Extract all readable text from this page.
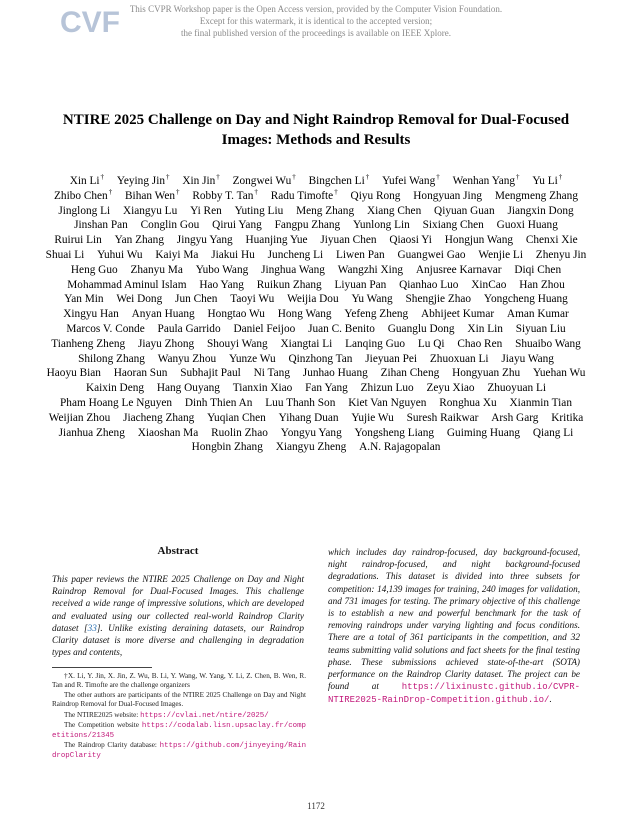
CVF	This CVPR Workshop paper is the Open Access version, provided by the Computer Vision Foundation.
Except for this watermark, it is identical to the accepted version;
the final published version of the proceedings is available on IEEE Xplore.
NTIRE 2025 Challenge on Day and Night Raindrop Removal for Dual-Focused
Images: Methods and Results
Xin Li† Yeying Jin† Xin Jin† Zongwei Wu† Bingchen Li† Yufei Wang† Wenhan Yang† Yu Li† Zhibo Chen† Bihan Wen† Robby T. Tan† Radu Timofte† Qiyu Rong Hongyuan Jing Mengmeng Zhang Jinglong Li Xiangyu Lu Yi Ren Yuting Liu Meng Zhang Xiang Chen Qiyuan Guan Jiangxin Dong Jinshan Pan Conglin Gou Qirui Yang Fangpu Zhang Yunlong Lin Sixiang Chen Guoxi Huang Ruirui Lin Yan Zhang Jingyu Yang Huanjing Yue Jiyuan Chen Qiaosi Yi Hongjun Wang Chenxi Xie Shuai Li Yuhui Wu Kaiyi Ma Jiakui Hu Juncheng Li Liwen Pan Guangwei Gao Wenjie Li Zhenyu Jin Heng Guo Zhanyu Ma Yubo Wang Jinghua Wang Wangzhi Xing Anjusree Karnavar Diqi Chen Mohammad Aminul Islam Hao Yang Ruikun Zhang Liyuan Pan Qianhao Luo XinCao Han Zhou Yan Min Wei Dong Jun Chen Taoyi Wu Weijia Dou Yu Wang Shengjie Zhao Yongcheng Huang Xingyu Han Anyan Huang Hongtao Wu Hong Wang Yefeng Zheng Abhijeet Kumar Aman Kumar Marcos V. Conde Paula Garrido Daniel Feijoo Juan C. Benito Guanglu Dong Xin Lin Siyuan Liu Tianheng Zheng Jiayu Zhong Shouyi Wang Xiangtai Li Lanqing Guo Lu Qi Chao Ren Shuaibo Wang Shilong Zhang Wanyu Zhou Yunze Wu Qinzhong Tan Jieyuan Pei Zhuoxuan Li Jiayu Wang Haoyu Bian Haoran Sun Subhajit Paul Ni Tang Junhao Huang Zihan Cheng Hongyuan Zhu Yuehan Wu Kaixin Deng Hang Ouyang Tianxin Xiao Fan Yang Zhizun Luo Zeyu Xiao Zhuoyuan Li Pham Hoang Le Nguyen Dinh Thien An Luu Thanh Son Kiet Van Nguyen Ronghua Xu Xianmin Tian Weijian Zhou Jiacheng Zhang Yuqian Chen Yihang Duan Yujie Wu Suresh Raikwar Arsh Garg Kritika Jianhua Zheng Xiaoshan Ma Ruolin Zhao Yongyu Yang Yongsheng Liang Guiming Huang Qiang Li Hongbin Zhang Xiangyu Zheng A.N. Rajagopalan
Abstract

This paper reviews the NTIRE 2025 Challenge on Day and Night Raindrop Removal for Dual-Focused Images. This challenge received a wide range of impressive solutions, which are developed and evaluated using our collected real-world Raindrop Clarity dataset [33]. Unlike existing deraining datasets, our Raindrop Clarity dataset is more diverse and challenging in degradation types and contents,

which includes day raindrop-focused, day background-focused, night raindrop-focused, and night background-focused degradations. This dataset is divided into three subsets for competition: 14,139 images for training, 240 images for validation, and 731 images for testing. The primary objective of this challenge is to establish a new and powerful benchmark for the task of removing raindrops under varying lighting and focus conditions. There are a total of 361 participants in the competition, and 32 teams submitting valid solutions and fact sheets for the final testing phase. These submissions achieved state-of-the-art (SOTA) performance on the Raindrop Clarity dataset. The project can be found at	https://lixinustc.github.io/CVPR-NTIRE2025-RainDrop-Competition.github.io/.

†X. Li, Y. Jin, X. Jin, Z. Wu, B. Li, Y. Wang, W. Yang, Y. Li, Z. Chen, B. Wen, R. Tan and R. Timofte are the challenge organizers
The other authors are participants of the NTIRE 2025 Challenge on Day and Night Raindrop Removal for Dual-Focused Images.
The NTIRE2025 website: https://cvlai.net/ntire/2025/
The Competition website https://codalab.lisn.upsaclay.fr/competitions/21345
The Raindrop Clarity database: https://github.com/jinyeying/RaindropClarity
1172
